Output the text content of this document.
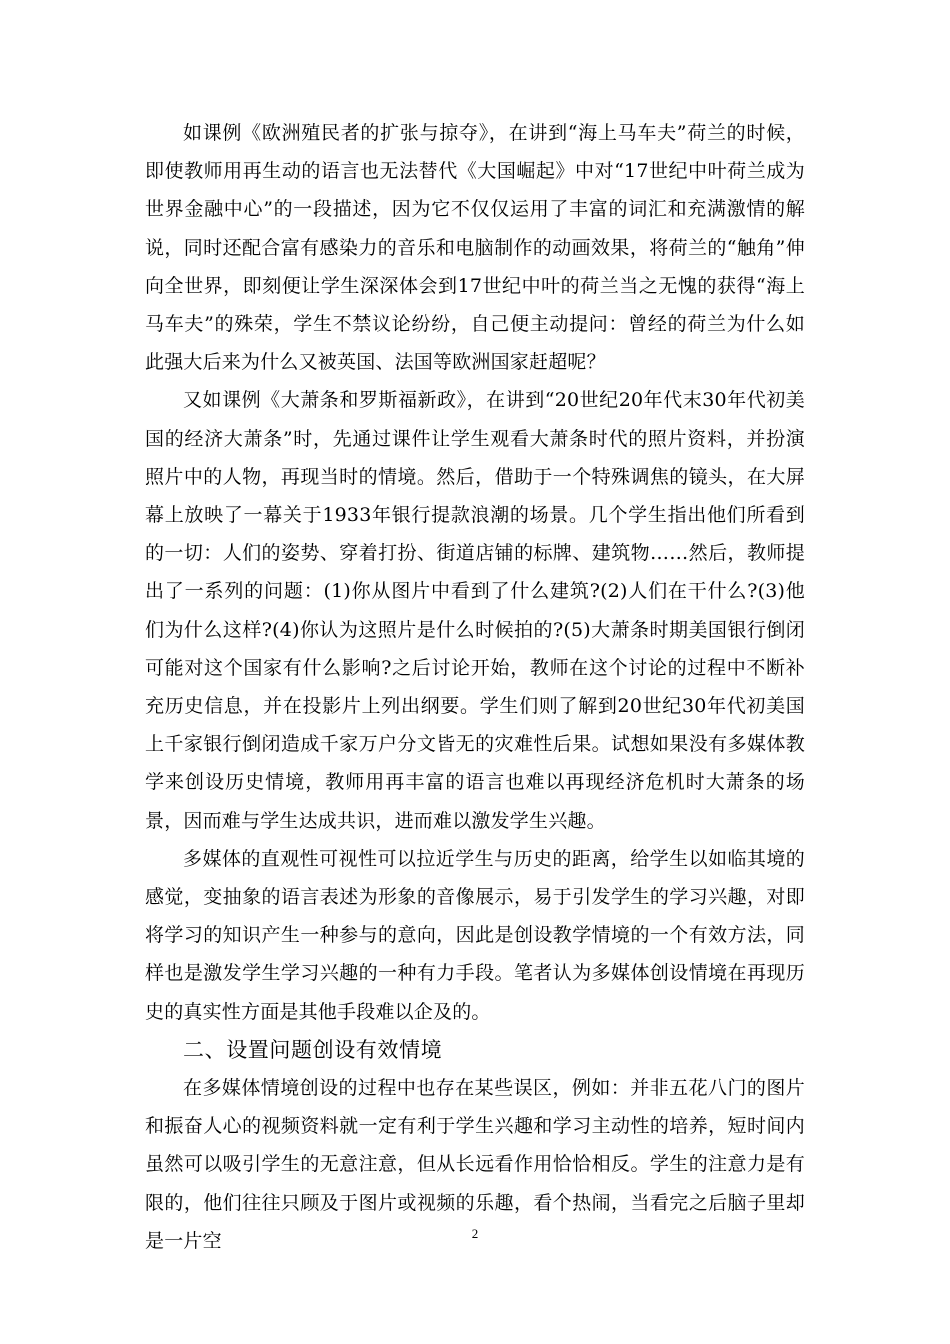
如课例《欧洲殖民者的扩张与掠夺》，在讲到“海上马车夫”荷兰的时候，即使教师用再生动的语言也无法替代《大国崛起》中对“17世纪中叶荷兰成为世界金融中心”的一段描述，因为它不仅仅运用了丰富的词汇和充满激情的解说，同时还配合富有感染力的音乐和电脑制作的动画效果，将荷兰的“触角”伸向全世界，即刻便让学生深深体会到17世纪中叶的荷兰当之无愧的获得“海上马车夫”的殊荣，学生不禁议论纷纷，自己便主动提问：曾经的荷兰为什么如此强大后来为什么又被英国、法国等欧洲国家赶超呢？

又如课例《大萧条和罗斯福新政》，在讲到“20世纪20年代末30年代初美国的经济大萧条”时，先通过课件让学生观看大萧条时代的照片资料，并扮演照片中的人物，再现当时的情境。然后，借助于一个特殊调焦的镜头，在大屏幕上放映了一幕关于1933年银行提款浪潮的场景。几个学生指出他们所看到的一切：人们的姿势、穿着打扮、街道店铺的标牌、建筑物……然后，教师提出了一系列的问题：(1)你从图片中看到了什么建筑?(2)人们在干什么?(3)他们为什么这样?(4)你认为这照片是什么时候拍的?(5)大萧条时期美国银行倒闭可能对这个国家有什么影响?之后讨论开始，教师在这个讨论的过程中不断补充历史信息，并在投影片上列出纲要。学生们则了解到20世纪30年代初美国上千家银行倒闭造成千家万户分文皆无的灾难性后果。试想如果没有多媒体教学来创设历史情境，教师用再丰富的语言也难以再现经济危机时大萧条的场景，因而难与学生达成共识，进而难以激发学生兴趣。

多媒体的直观性可视性可以拉近学生与历史的距离，给学生以如临其境的感觉，变抽象的语言表述为形象的音像展示，易于引发学生的学习兴趣，对即将学习的知识产生一种参与的意向，因此是创设教学情境的一个有效方法，同样也是激发学生学习兴趣的一种有力手段。笔者认为多媒体创设情境在再现历史的真实性方面是其他手段难以企及的。

二、设置问题创设有效情境

在多媒体情境创设的过程中也存在某些误区，例如：并非五花八门的图片和振奋人心的视频资料就一定有利于学生兴趣和学习主动性的培养，短时间内虽然可以吸引学生的无意注意，但从长远看作用恰恰相反。学生的注意力是有限的，他们往往只顾及于图片或视频的乐趣，看个热闹，当看完之后脑子里却是一片空	2
